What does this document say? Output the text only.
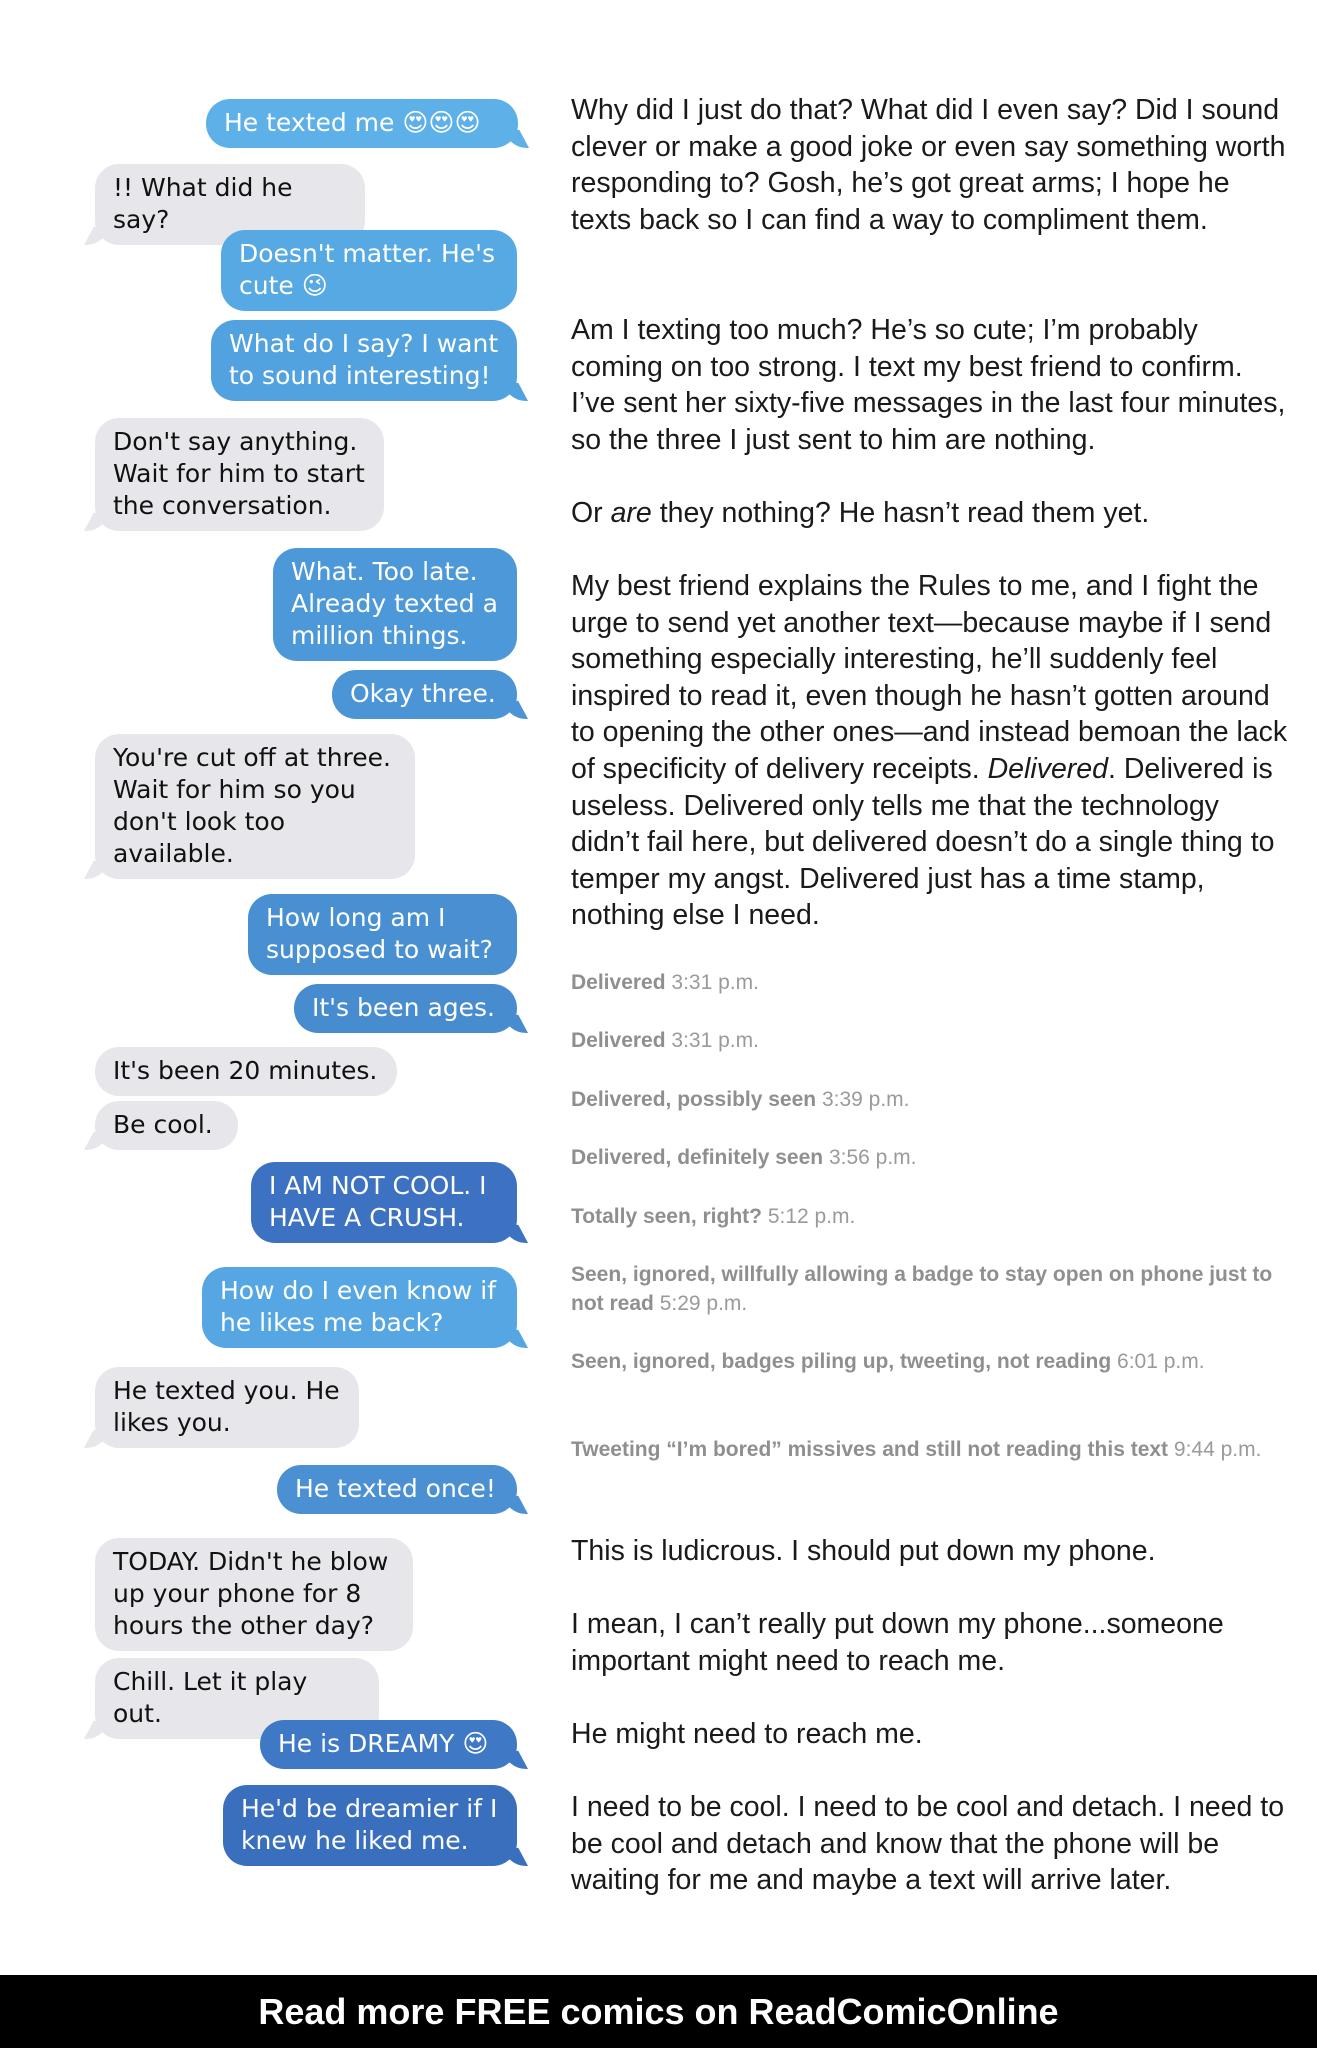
He texted me 😍😍😍
!! What did he say?
Doesn't matter. He's
cute 😉
What do I say? I want
to sound interesting!
Don't say anything.
Wait for him to start
the conversation.
What. Too late.
Already texted a
million things.
Okay three.
You're cut off at three.
Wait for him so you
don't look too
available.
How long am I
supposed to wait?
It's been ages.
It's been 20 minutes.
Be cool.
I AM NOT COOL. I
HAVE A CRUSH.
How do I even know if
he likes me back?
He texted you. He
likes you.
He texted once!
TODAY. Didn't he blow
up your phone for 8
hours the other day?
Chill. Let it play out.
He is DREAMY 😍
He'd be dreamier if I
knew he liked me.

Why did I just do that? What did I even say? Did I sound clever or make a good joke or even say something worth responding to? Gosh, he’s got great arms; I hope he texts back so I can find a way to compliment them.

Am I texting too much? He’s so cute; I’m probably coming on too strong. I text my best friend to confirm. I’ve sent her sixty-five messages in the last four minutes, so the three I just sent to him are nothing.

Or are they nothing? He hasn’t read them yet.

My best friend explains the Rules to me, and I fight the urge to send yet another text—because maybe if I send something especially interesting, he’ll suddenly feel inspired to read it, even though he hasn’t gotten around to opening the other ones—and instead bemoan the lack of specificity of delivery receipts. Delivered. Delivered is useless. Delivered only tells me that the technology didn’t fail here, but delivered doesn’t do a single thing to temper my angst. Delivered just has a time stamp, nothing else I need.

Delivered 3:31 p.m.

Delivered 3:31 p.m.

Delivered, possibly seen 3:39 p.m.

Delivered, definitely seen 3:56 p.m.

Totally seen, right? 5:12 p.m.

Seen, ignored, willfully allowing a badge to stay open on phone just to not read 5:29 p.m.

Seen, ignored, badges piling up, tweeting, not reading 6:01 p.m.

Tweeting “I’m bored” missives and still not reading this text 9:44 p.m.

This is ludicrous. I should put down my phone.

I mean, I can’t really put down my phone...someone important might need to reach me.

He might need to reach me.

I need to be cool. I need to be cool and detach. I need to be cool and detach and know that the phone will be waiting for me and maybe a text will arrive later.

Read more FREE comics on ReadComicOnline
